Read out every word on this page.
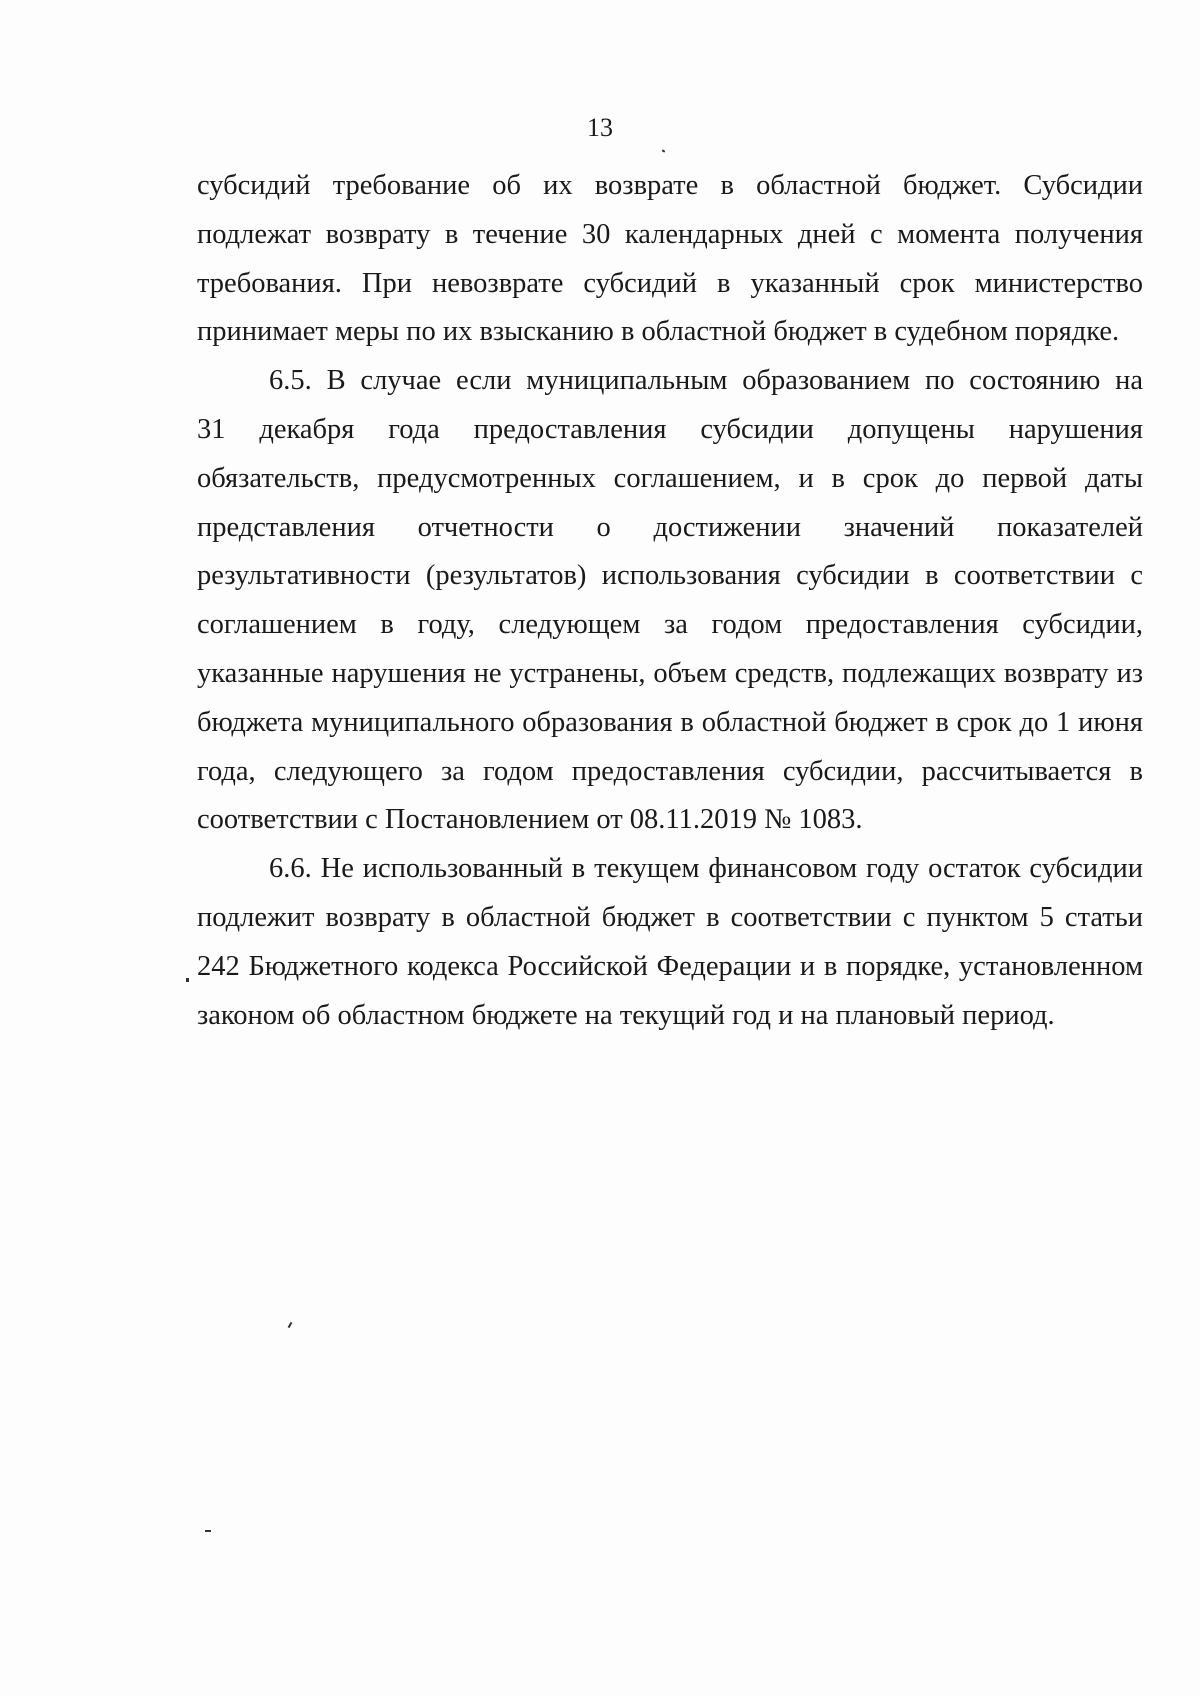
13

субсидий требование об их возврате в областной бюджет. Субсидии
подлежат возврату в течение 30 календарных дней с момента получения
требования. При невозврате субсидий в указанный срок министерство
принимает меры по их взысканию в областной бюджет в судебном порядке.

6.5. В случае если муниципальным образованием по состоянию на
31 декабря года предоставления субсидии допущены нарушения
обязательств, предусмотренных соглашением, и в срок до первой даты
представления отчетности о достижении значений показателей
результативности (результатов) использования субсидии в соответствии с
соглашением в году, следующем за годом предоставления субсидии,
указанные нарушения не устранены, объем средств, подлежащих возврату из
бюджета муниципального образования в областной бюджет в срок до 1 июня
года, следующего за годом предоставления субсидии, рассчитывается в
соответствии с Постановлением от 08.11.2019 № 1083.

6.6. Не использованный в текущем финансовом году остаток субсидии
подлежит возврату в областной бюджет в соответствии с пунктом 5 статьи
242 Бюджетного кодекса Российской Федерации и в порядке, установленном
законом об областном бюджете на текущий год и на плановый период.
